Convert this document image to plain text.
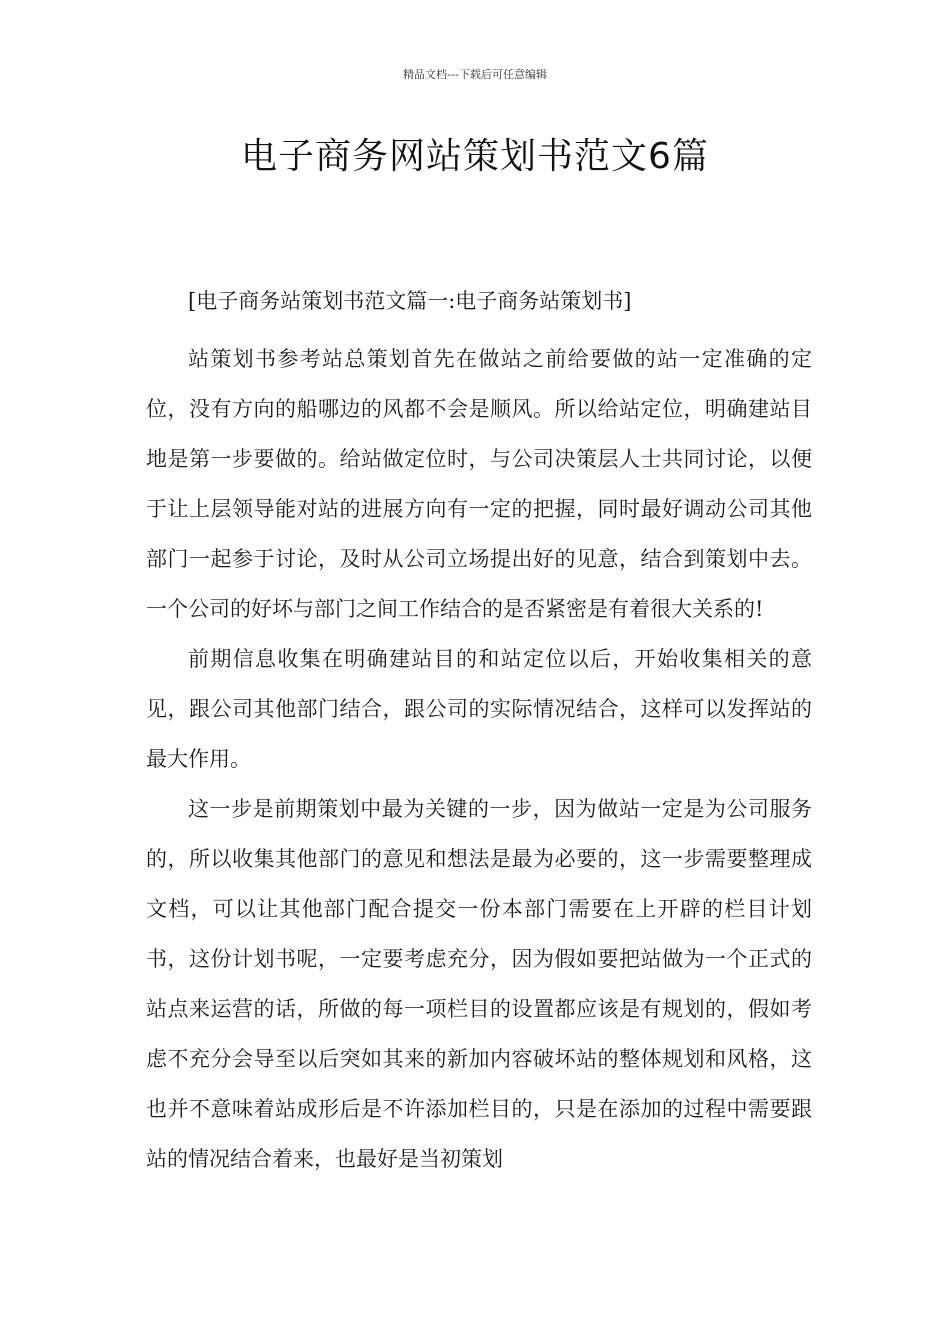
精品文档---下载后可任意编辑
电子商务网站策划书范文6篇

[电子商务站策划书范文篇一:电子商务站策划书]

站策划书参考站总策划首先在做站之前给要做的站一定准确的定位，没有方向的船哪边的风都不会是顺风。所以给站定位，明确建站目地是第一步要做的。给站做定位时，与公司决策层人士共同讨论，以便于让上层领导能对站的进展方向有一定的把握，同时最好调动公司其他部门一起参于讨论，及时从公司立场提出好的见意，结合到策划中去。一个公司的好坏与部门之间工作结合的是否紧密是有着很大关系的!

前期信息收集在明确建站目的和站定位以后，开始收集相关的意见，跟公司其他部门结合，跟公司的实际情况结合，这样可以发挥站的最大作用。

这一步是前期策划中最为关键的一步，因为做站一定是为公司服务的，所以收集其他部门的意见和想法是最为必要的，这一步需要整理成文档，可以让其他部门配合提交一份本部门需要在上开辟的栏目计划书，这份计划书呢，一定要考虑充分，因为假如要把站做为一个正式的站点来运营的话，所做的每一项栏目的设置都应该是有规划的，假如考虑不充分会导至以后突如其来的新加内容破坏站的整体规划和风格，这也并不意味着站成形后是不许添加栏目的，只是在添加的过程中需要跟站的情况结合着来，也最好是当初策划
